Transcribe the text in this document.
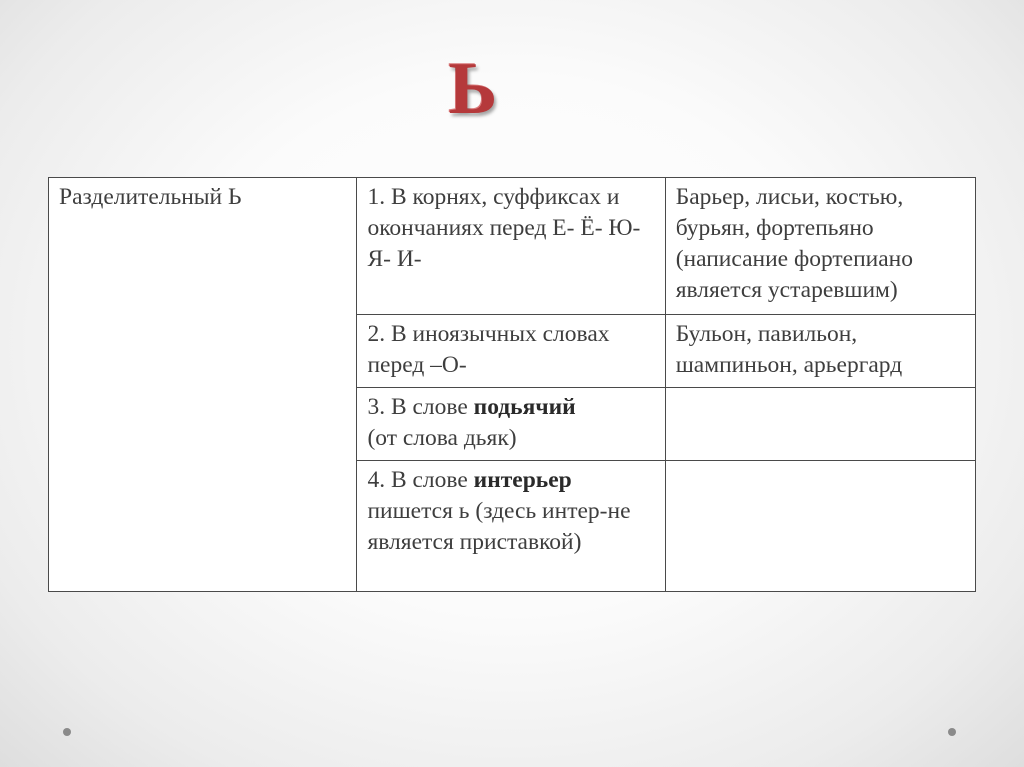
Ь
Разделительный Ь	1. В корнях, суффиксах и окончаниях перед Е- Ё- Ю- Я- И-	Барьер, лисьи, костью, бурьян, фортепьяно (написание фортепиано является устаревшим)
	2. В иноязычных словах перед –О-	Бульон, павильон, шампиньон, арьергард
	3. В слове подьячий
(от слова дьяк)	
	4. В слове интерьер
пишется ь (здесь интер-не является приставкой)	
